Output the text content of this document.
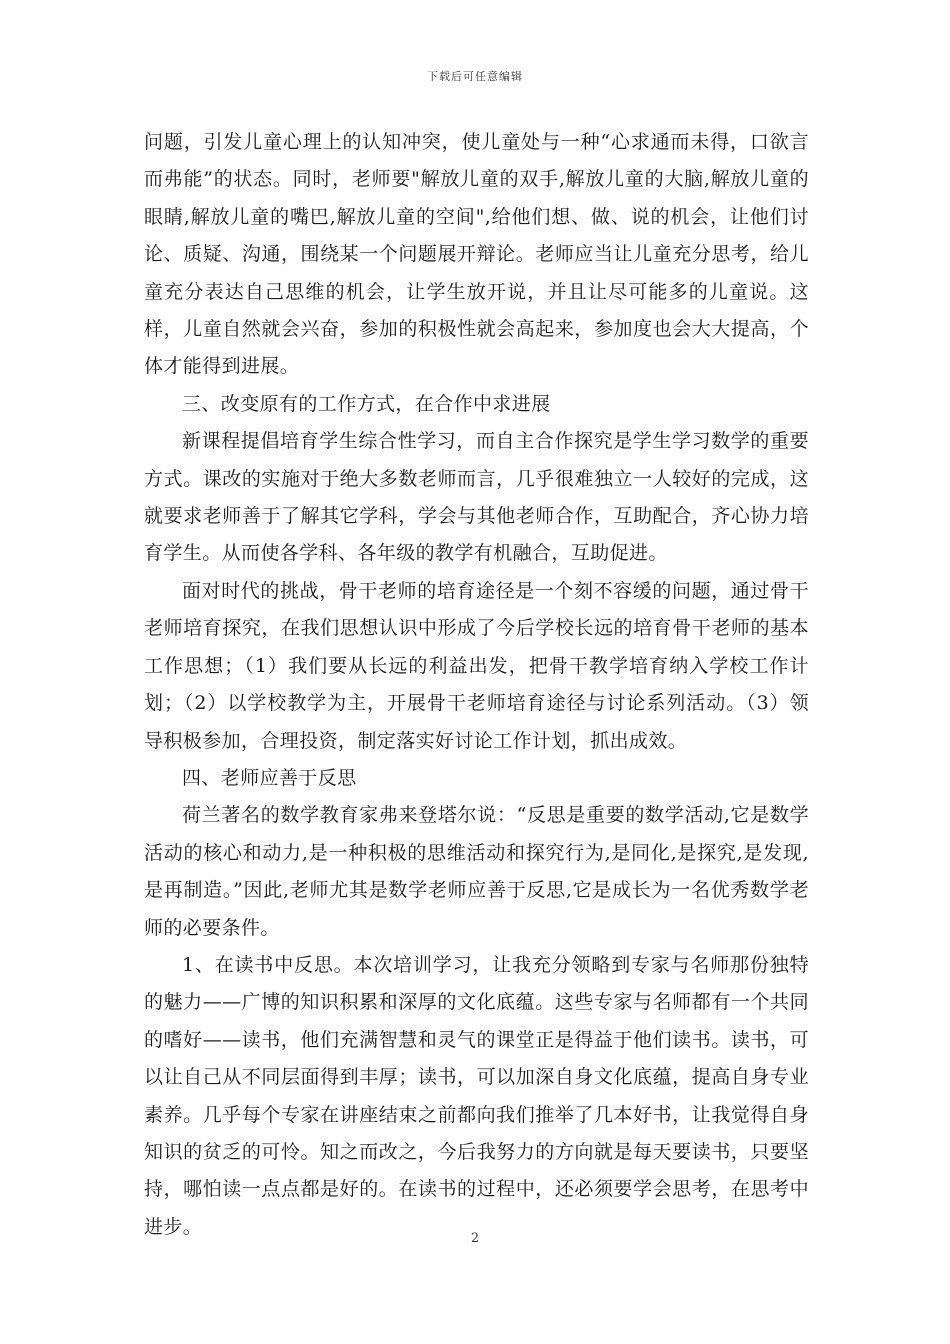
下载后可任意编辑

问题，引发儿童心理上的认知冲突，使儿童处与一种“心求通而未得，口欲言而弗能”的状态。同时，老师要"解放儿童的双手,解放儿童的大脑,解放儿童的眼睛,解放儿童的嘴巴,解放儿童的空间",给他们想、做、说的机会，让他们讨论、质疑、沟通，围绕某一个问题展开辩论。老师应当让儿童充分思考，给儿童充分表达自己思维的机会，让学生放开说，并且让尽可能多的儿童说。这样，儿童自然就会兴奋，参加的积极性就会高起来，参加度也会大大提高，个体才能得到进展。

三、改变原有的工作方式，在合作中求进展

新课程提倡培育学生综合性学习，而自主合作探究是学生学习数学的重要方式。课改的实施对于绝大多数老师而言，几乎很难独立一人较好的完成，这就要求老师善于了解其它学科，学会与其他老师合作，互助配合，齐心协力培育学生。从而使各学科、各年级的教学有机融合，互助促进。

面对时代的挑战，骨干老师的培育途径是一个刻不容缓的问题，通过骨干老师培育探究，在我们思想认识中形成了今后学校长远的培育骨干老师的基本工作思想；（1）我们要从长远的利益出发，把骨干教学培育纳入学校工作计划；（2）以学校教学为主，开展骨干老师培育途径与讨论系列活动。（3）领导积极参加，合理投资，制定落实好讨论工作计划，抓出成效。

四、老师应善于反思

荷兰著名的数学教育家弗来登塔尔说：“反思是重要的数学活动,它是数学活动的核心和动力,是一种积极的思维活动和探究行为,是同化,是探究,是发现,是再制造。”因此,老师尤其是数学老师应善于反思,它是成长为一名优秀数学老师的必要条件。

1、在读书中反思。本次培训学习，让我充分领略到专家与名师那份独特的魅力——广博的知识积累和深厚的文化底蕴。这些专家与名师都有一个共同的嗜好——读书，他们充满智慧和灵气的课堂正是得益于他们读书。读书，可以让自己从不同层面得到丰厚；读书，可以加深自身文化底蕴，提高自身专业素养。几乎每个专家在讲座结束之前都向我们推举了几本好书，让我觉得自身知识的贫乏的可怜。知之而改之，今后我努力的方向就是每天要读书，只要坚持，哪怕读一点点都是好的。在读书的过程中，还必须要学会思考，在思考中进步。

2
